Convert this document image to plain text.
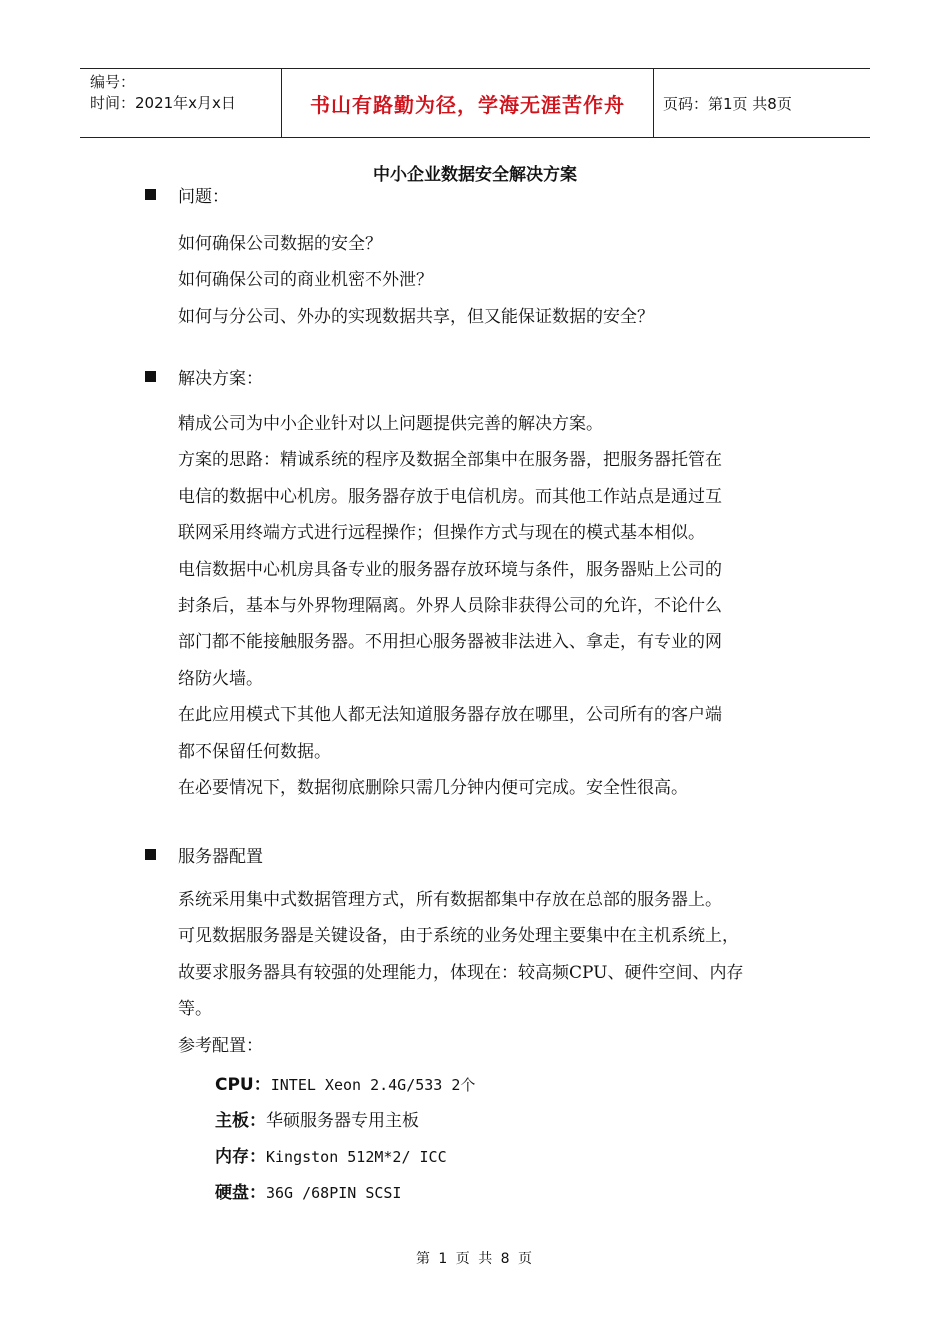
编号：
时间：2021年x月x日	书山有路勤为径，学海无涯苦作舟	页码：第1页 共8页
中小企业数据安全解决方案
问题：

如何确保公司数据的安全？

如何确保公司的商业机密不外泄？

如何与分公司、外办的实现数据共享，但又能保证数据的安全？

解决方案：

精成公司为中小企业针对以上问题提供完善的解决方案。

方案的思路：精诚系统的程序及数据全部集中在服务器，把服务器托管在

电信的数据中心机房。服务器存放于电信机房。而其他工作站点是通过互

联网采用终端方式进行远程操作；但操作方式与现在的模式基本相似。

电信数据中心机房具备专业的服务器存放环境与条件，服务器贴上公司的

封条后，基本与外界物理隔离。外界人员除非获得公司的允许，不论什么

部门都不能接触服务器。不用担心服务器被非法进入、拿走，有专业的网

络防火墙。

在此应用模式下其他人都无法知道服务器存放在哪里，公司所有的客户端

都不保留任何数据。

在必要情况下，数据彻底删除只需几分钟内便可完成。安全性很高。

服务器配置

系统采用集中式数据管理方式，所有数据都集中存放在总部的服务器上。

可见数据服务器是关键设备，由于系统的业务处理主要集中在主机系统上，

故要求服务器具有较强的处理能力，体现在：较高频CPU、硬件空间、内存

等。

参考配置：

CPU：INTEL Xeon 2.4G/533 2个

主板：华硕服务器专用主板

内存：Kingston 512M*2/ ICC

硬盘：36G /68PIN SCSI

第 1 页 共 8 页
